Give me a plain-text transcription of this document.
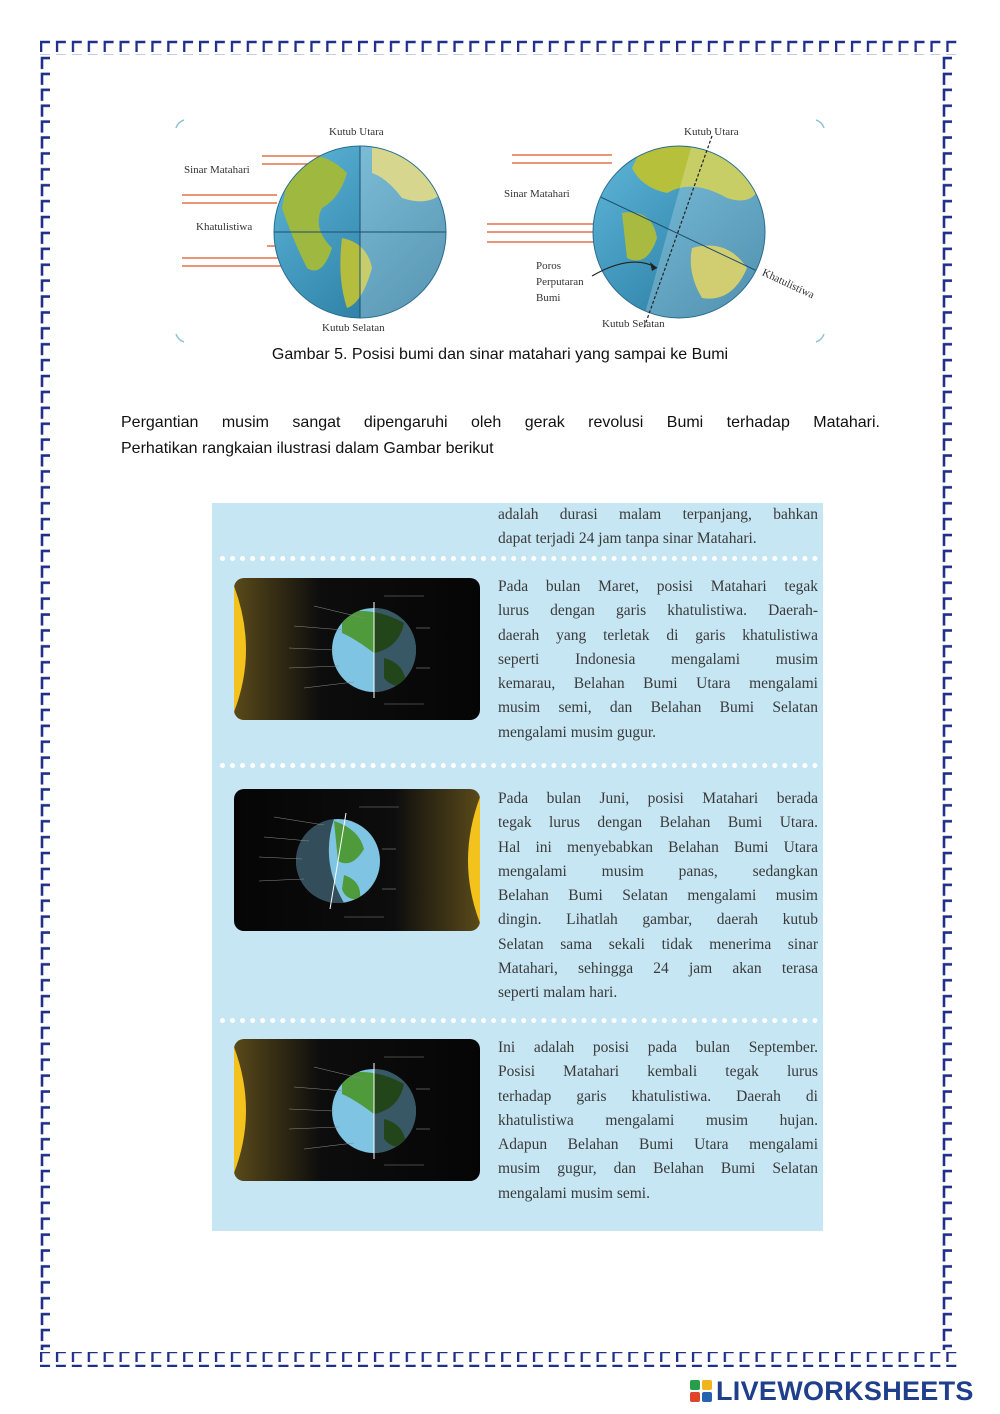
Kutub Utara
Sinar Matahari
Khatulistiwa
Kutub Selatan
Kutub Utara
Sinar Matahari
Poros
Perputaran
Bumi	Khatulistiwa
Kutub Selatan
Gambar 5. Posisi bumi dan sinar matahari yang sampai ke Bumi

Pergantian musim sangat dipengaruhi oleh gerak revolusi Bumi terhadap Matahari.
Perhatikan rangkaian ilustrasi dalam Gambar berikut

adalah durasi malam terpanjang, bahkan
dapat terjadi 24 jam tanpa sinar Matahari.

Pada bulan Maret, posisi Matahari tegak
lurus dengan garis khatulistiwa. Daerah-
daerah yang terletak di garis khatulistiwa
seperti Indonesia mengalami musim
kemarau, Belahan Bumi Utara mengalami
musim semi, dan Belahan Bumi Selatan
mengalami musim gugur.

Pada bulan Juni, posisi Matahari berada
tegak lurus dengan Belahan Bumi Utara.
Hal ini menyebabkan Belahan Bumi Utara
mengalami musim panas, sedangkan
Belahan Bumi Selatan mengalami musim
dingin. Lihatlah gambar, daerah kutub
Selatan sama sekali tidak menerima sinar
Matahari, sehingga 24 jam akan terasa
seperti malam hari.

Ini adalah posisi pada bulan September.
Posisi Matahari kembali tegak lurus
terhadap garis khatulistiwa. Daerah di
khatulistiwa mengalami musim hujan.
Adapun Belahan Bumi Utara mengalami
musim gugur, dan Belahan Bumi Selatan
mengalami musim semi.

LIVEWORKSHEETS
